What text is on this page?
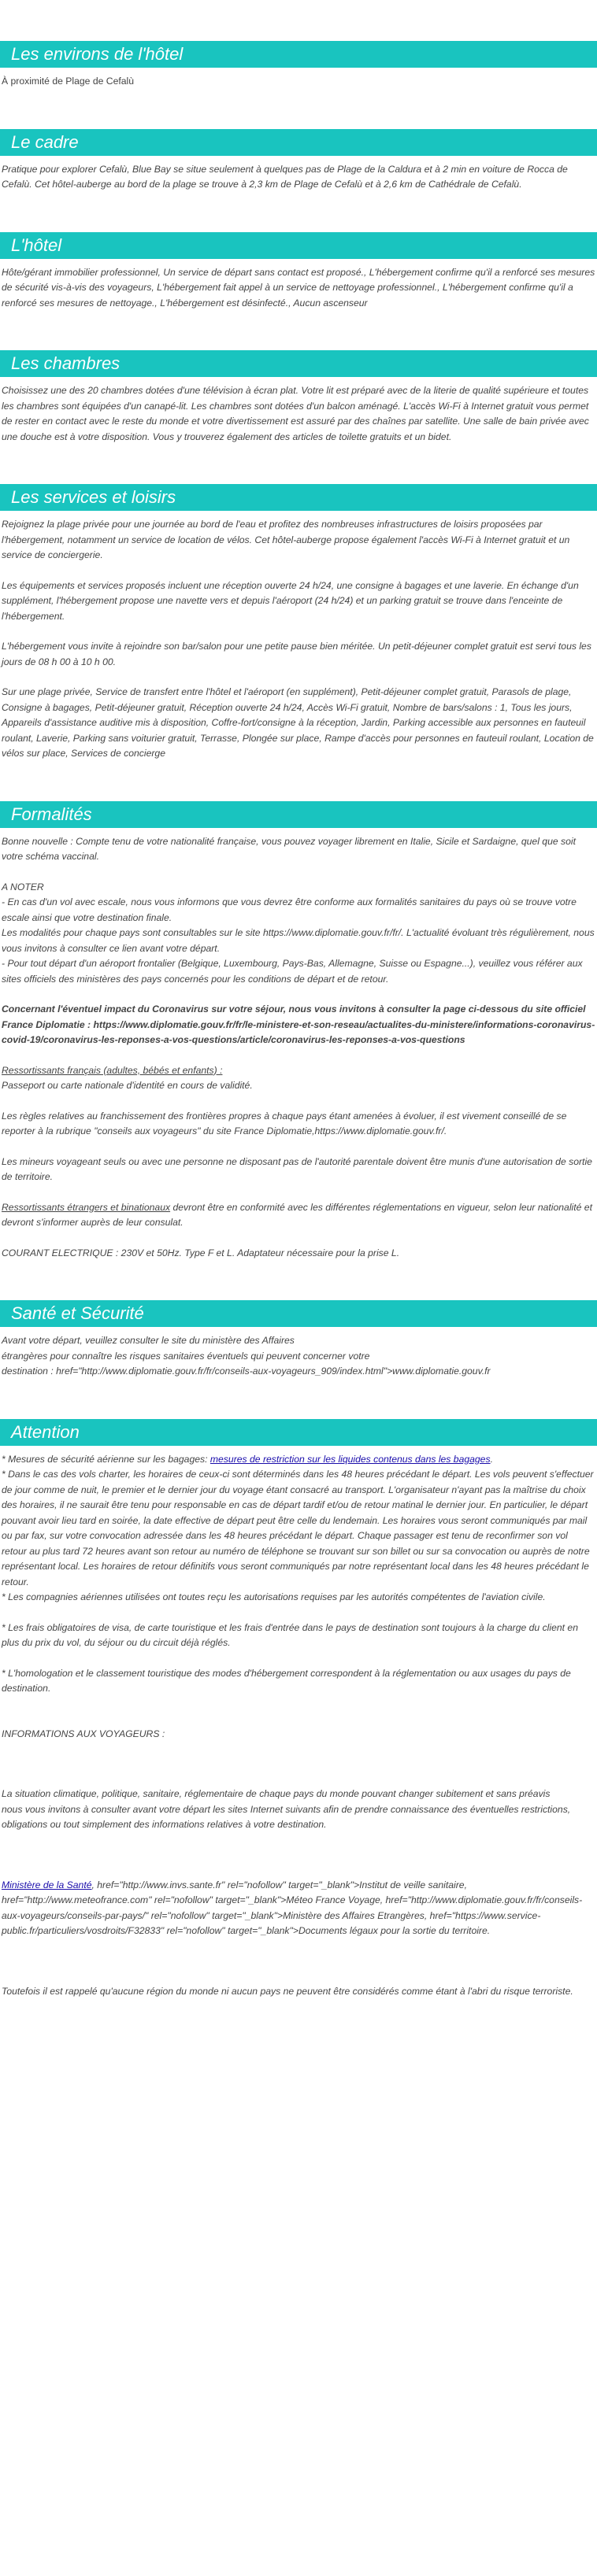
Les environs de l'hôtel

À proximité de Plage de Cefalù

Le cadre

Pratique pour explorer Cefalù, Blue Bay se situe seulement à quelques pas de Plage de la Caldura et à 2 min en voiture de Rocca de Cefalù. Cet hôtel-auberge au bord de la plage se trouve à 2,3 km de Plage de Cefalù et à 2,6 km de Cathédrale de Cefalù.

L'hôtel

Hôte/gérant immobilier professionnel, Un service de départ sans contact est proposé., L'hébergement confirme qu'il a renforcé ses mesures de sécurité vis-à-vis des voyageurs, L'hébergement fait appel à un service de nettoyage professionnel., L'hébergement confirme qu'il a renforcé ses mesures de nettoyage., L'hébergement est désinfecté., Aucun ascenseur

Les chambres

Choisissez une des 20 chambres dotées d'une télévision à écran plat. Votre lit est préparé avec de la literie de qualité supérieure et toutes les chambres sont équipées d'un canapé-lit. Les chambres sont dotées d'un balcon aménagé. L'accès Wi-Fi à Internet gratuit vous permet de rester en contact avec le reste du monde et votre divertissement est assuré par des chaînes par satellite. Une salle de bain privée avec une douche est à votre disposition. Vous y trouverez également des articles de toilette gratuits et un bidet.

Les services et loisirs

Rejoignez la plage privée pour une journée au bord de l'eau et profitez des nombreuses infrastructures de loisirs proposées par l'hébergement, notamment un service de location de vélos. Cet hôtel-auberge propose également l'accès Wi-Fi à Internet gratuit et un service de conciergerie.

Les équipements et services proposés incluent une réception ouverte 24 h/24, une consigne à bagages et une laverie. En échange d'un supplément, l'hébergement propose une navette vers et depuis l'aéroport (24 h/24) et un parking gratuit se trouve dans l'enceinte de l'hébergement.

L'hébergement vous invite à rejoindre son bar/salon pour une petite pause bien méritée. Un petit-déjeuner complet gratuit est servi tous les jours de 08 h 00 à 10 h 00.

Sur une plage privée, Service de transfert entre l'hôtel et l'aéroport (en supplément), Petit-déjeuner complet gratuit, Parasols de plage, Consigne à bagages, Petit-déjeuner gratuit, Réception ouverte 24 h/24, Accès Wi-Fi gratuit, Nombre de bars/salons : 1, Tous les jours, Appareils d'assistance auditive mis à disposition, Coffre-fort/consigne à la réception, Jardin, Parking accessible aux personnes en fauteuil roulant, Laverie, Parking sans voiturier gratuit, Terrasse, Plongée sur place, Rampe d'accès pour personnes en fauteuil roulant, Location de vélos sur place, Services de concierge

Formalités

Bonne nouvelle : Compte tenu de votre nationalité française, vous pouvez voyager librement en Italie, Sicile et Sardaigne, quel que soit votre schéma vaccinal.

A NOTER

- En cas d'un vol avec escale, nous vous informons que vous devrez être conforme aux formalités sanitaires du pays où se trouve votre escale ainsi que votre destination finale.

Les modalités pour chaque pays sont consultables sur le site https://www.diplomatie.gouv.fr/fr/. L'actualité évoluant très régulièrement, nous vous invitons à consulter ce lien avant votre départ.

- Pour tout départ d'un aéroport frontalier (Belgique, Luxembourg, Pays-Bas, Allemagne, Suisse ou Espagne...), veuillez vous référer aux sites officiels des ministères des pays concernés pour les conditions de départ et de retour.

Concernant l'éventuel impact du Coronavirus sur votre séjour, nous vous invitons à consulter la page ci-dessous du site officiel France Diplomatie : https://www.diplomatie.gouv.fr/fr/le-ministere-et-son-reseau/actualites-du-ministere/informations-coronavirus-covid-19/coronavirus-les-reponses-a-vos-questions/article/coronavirus-les-reponses-a-vos-questions

Ressortissants français (adultes, bébés et enfants) :

Passeport ou carte nationale d'identité en cours de validité.

Les règles relatives au franchissement des frontières propres à chaque pays étant amenées à évoluer, il est vivement conseillé de se reporter à la rubrique "conseils aux voyageurs" du site France Diplomatie,https://www.diplomatie.gouv.fr/.

Les mineurs voyageant seuls ou avec une personne ne disposant pas de l'autorité parentale doivent être munis d'une autorisation de sortie de territoire.

Ressortissants étrangers et binationaux devront être en conformité avec les différentes réglementations en vigueur, selon leur nationalité et devront s'informer auprès de leur consulat.

COURANT ELECTRIQUE : 230V et 50Hz. Type F et L. Adaptateur nécessaire pour la prise L.

Santé et Sécurité

Avant votre départ, veuillez consulter le site du ministère des Affaires

étrangères pour connaître les risques sanitaires éventuels qui peuvent concerner votre

destination : href="http://www.diplomatie.gouv.fr/fr/conseils-aux-voyageurs_909/index.html">www.diplomatie.gouv.fr

Attention

* Mesures de sécurité aérienne sur les bagages: mesures de restriction sur les liquides contenus dans les bagages.

* Dans le cas des vols charter, les horaires de ceux-ci sont déterminés dans les 48 heures précédant le départ. Les vols peuvent s'effectuer de jour comme de nuit, le premier et le dernier jour du voyage étant consacré au transport. L'organisateur n'ayant pas la maîtrise du choix des horaires, il ne saurait être tenu pour responsable en cas de départ tardif et/ou de retour matinal le dernier jour. En particulier, le départ pouvant avoir lieu tard en soirée, la date effective de départ peut être celle du lendemain. Les horaires vous seront communiqués par mail ou par fax, sur votre convocation adressée dans les 48 heures précédant le départ. Chaque passager est tenu de reconfirmer son vol retour au plus tard 72 heures avant son retour au numéro de téléphone se trouvant sur son billet ou sur sa convocation ou auprès de notre représentant local. Les horaires de retour définitifs vous seront communiqués par notre représentant local dans les 48 heures précédant le retour.

* Les compagnies aériennes utilisées ont toutes reçu les autorisations requises par les autorités compétentes de l'aviation civile.

* Les frais obligatoires de visa, de carte touristique et les frais d'entrée dans le pays de destination sont toujours à la charge du client en plus du prix du vol, du séjour ou du circuit déjà réglés.

* L'homologation et le classement touristique des modes d'hébergement correspondent à la réglementation ou aux usages du pays de destination.

INFORMATIONS AUX VOYAGEURS :

La situation climatique, politique, sanitaire, réglementaire de chaque pays du monde pouvant changer subitement et sans préavis

nous vous invitons à consulter avant votre départ les sites Internet suivants afin de prendre connaissance des éventuelles restrictions, obligations ou tout simplement des informations relatives à votre destination.

Ministère de la Santé, href="http://www.invs.sante.fr" rel="nofollow" target="_blank">Institut de veille sanitaire, href="http://www.meteofrance.com" rel="nofollow" target="_blank">Méteo France Voyage, href="http://www.diplomatie.gouv.fr/fr/conseils-aux-voyageurs/conseils-par-pays/" rel="nofollow" target="_blank">Ministère des Affaires Etrangères, href="https://www.service-public.fr/particuliers/vosdroits/F32833" rel="nofollow" target="_blank">Documents légaux pour la sortie du territoire.

Toutefois il est rappelé qu'aucune région du monde ni aucun pays ne peuvent être considérés comme étant à l'abri du risque terroriste.
